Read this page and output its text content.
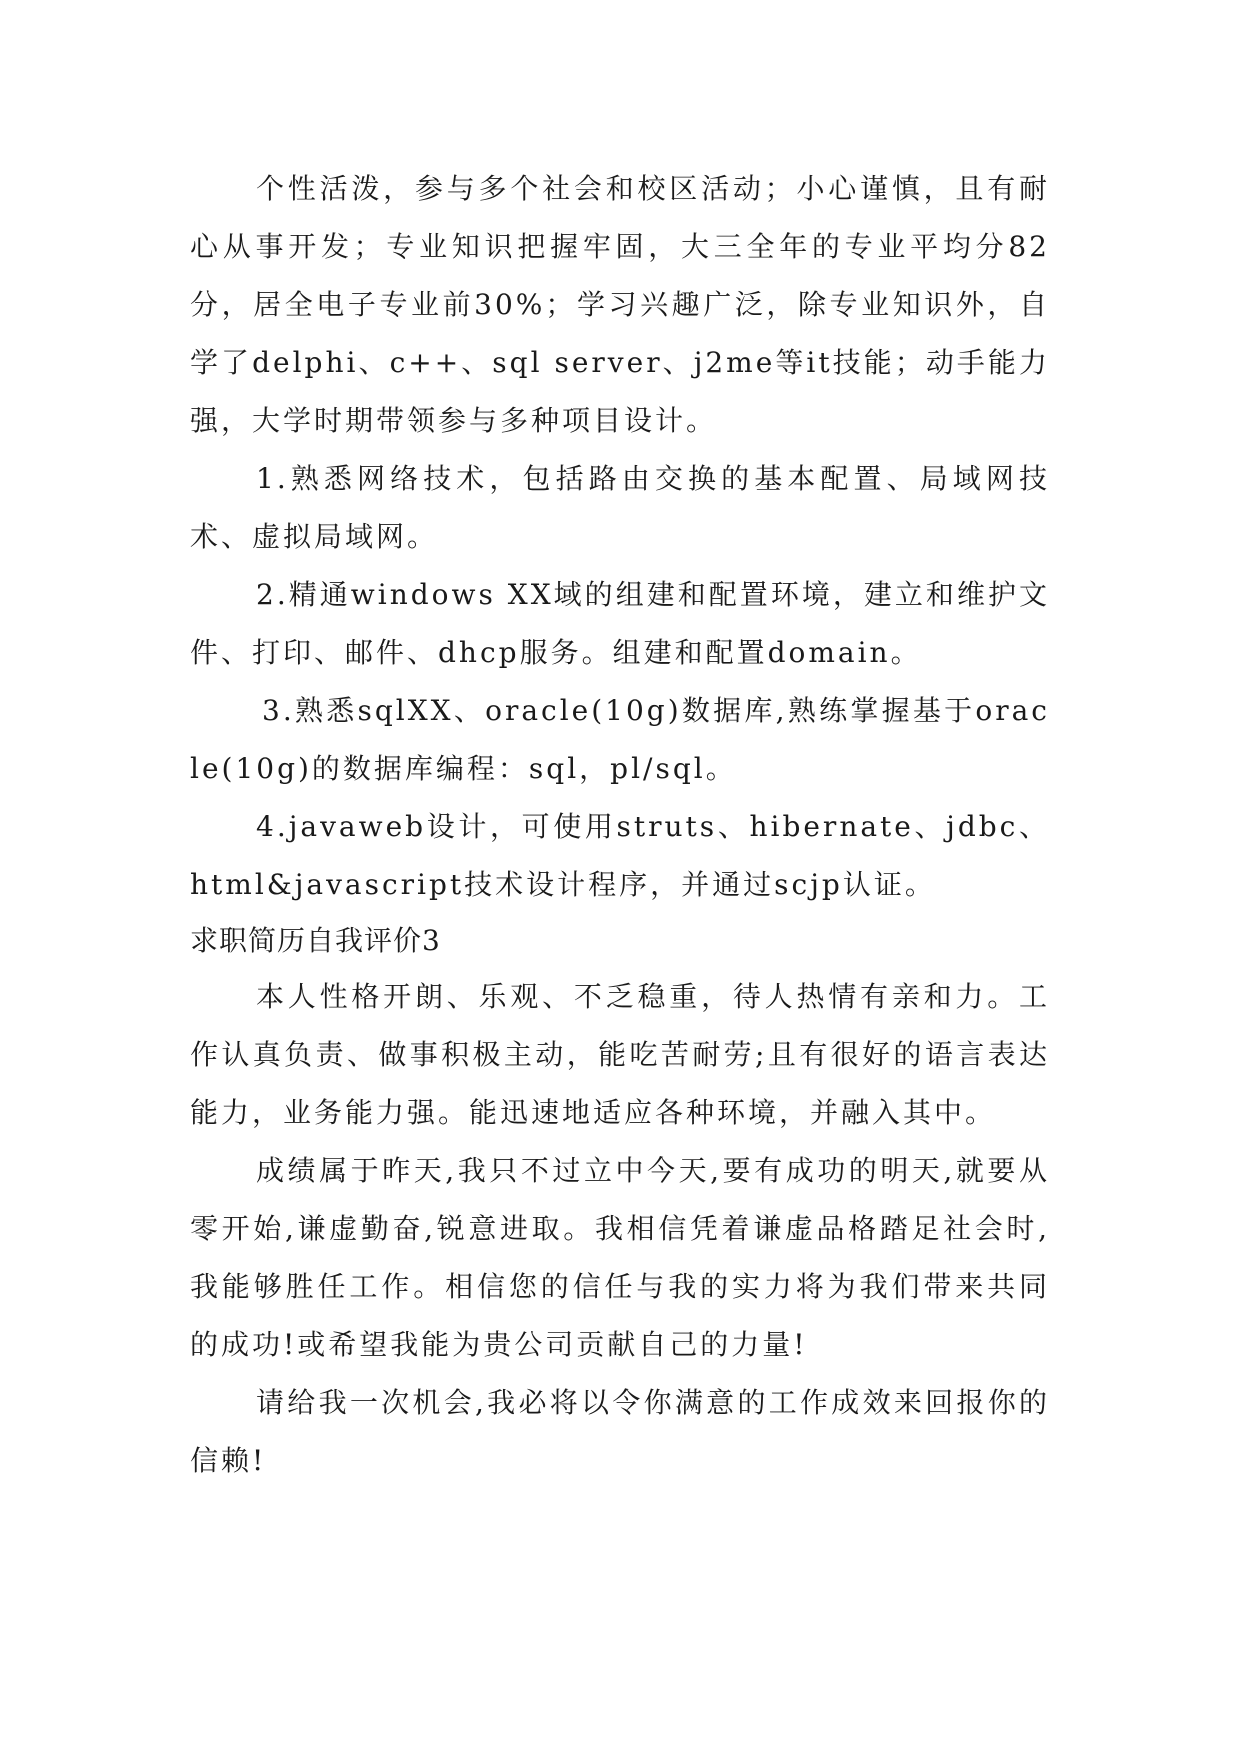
个性活泼，参与多个社会和校区活动；小心谨慎，且有耐心从事开发；专业知识把握牢固，大三全年的专业平均分82分，居全电子专业前30%；学习兴趣广泛，除专业知识外，自学了delphi、c++、sql server、j2me等it技能；动手能力强，大学时期带领参与多种项目设计。

1.熟悉网络技术，包括路由交换的基本配置、局域网技术、虚拟局域网。

2.精通windows XX域的组建和配置环境，建立和维护文件、打印、邮件、dhcp服务。组建和配置domain。

3.熟悉sqlXX、oracle(10g)数据库,熟练掌握基于oracle(10g)的数据库编程：sql，pl/sql。

4.javaweb设计，可使用struts、hibernate、jdbc、html&javascript技术设计程序，并通过scjp认证。

求职简历自我评价3

本人性格开朗、乐观、不乏稳重，待人热情有亲和力。工作认真负责、做事积极主动，能吃苦耐劳;且有很好的语言表达能力，业务能力强。能迅速地适应各种环境，并融入其中。

成绩属于昨天,我只不过立中今天,要有成功的明天,就要从零开始,谦虚勤奋,锐意进取。我相信凭着谦虚品格踏足社会时,我能够胜任工作。相信您的信任与我的实力将为我们带来共同的成功!或希望我能为贵公司贡献自己的力量!

请给我一次机会,我必将以令你满意的工作成效来回报你的信赖!
